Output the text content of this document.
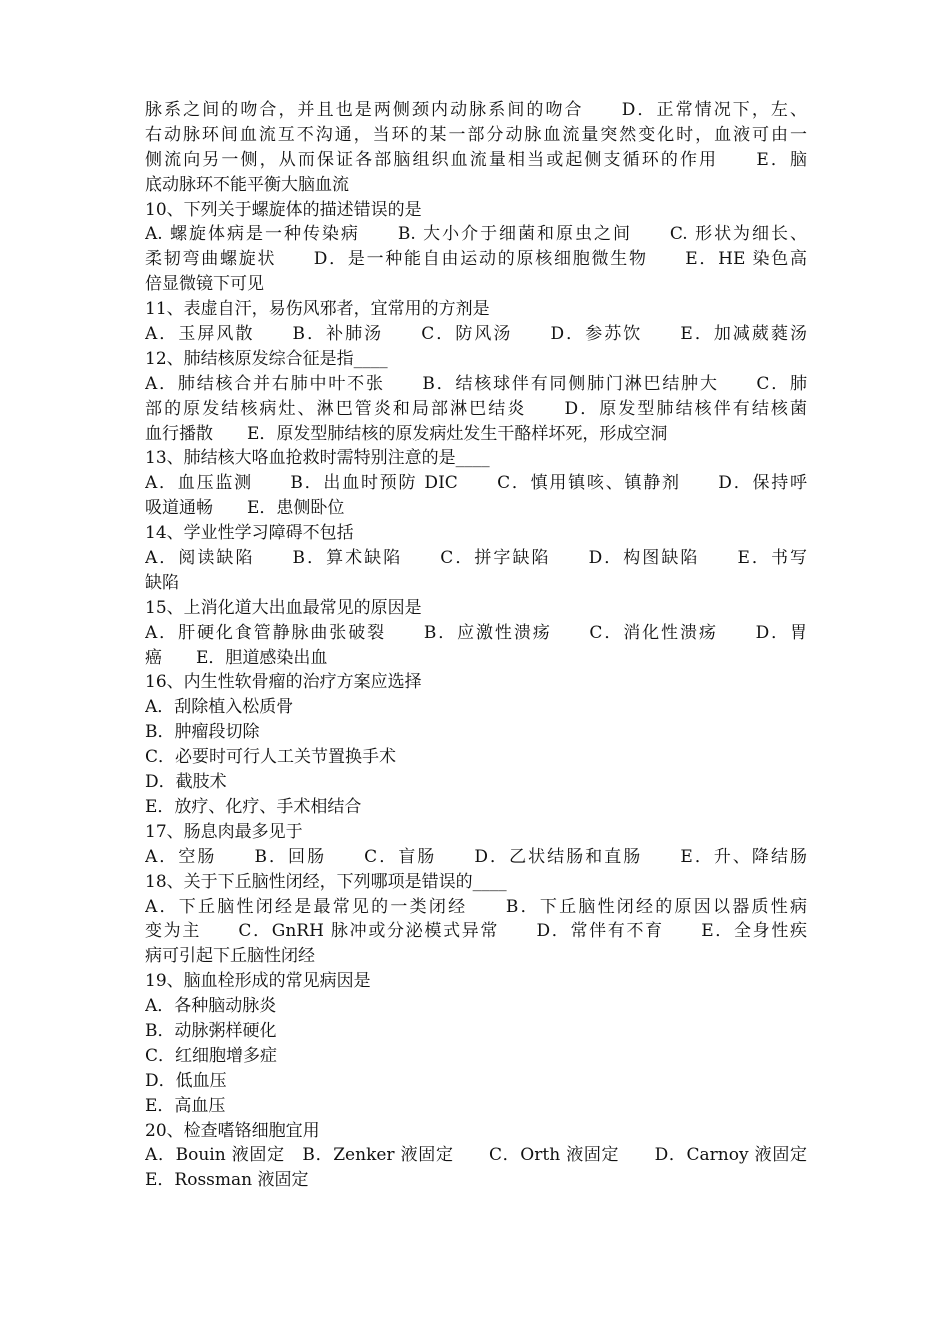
脉系之间的吻合，并且也是两侧颈内动脉系间的吻合　　D．正常情况下，左、
右动脉环间血流互不沟通，当环的某一部分动脉血流量突然变化时，血液可由一
侧流向另一侧，从而保证各部脑组织血流量相当或起侧支循环的作用　　E．脑
底动脉环不能平衡大脑血流
10、下列关于螺旋体的描述错误的是
A. 螺旋体病是一种传染病　　B. 大小介于细菌和原虫之间　　C. 形状为细长、
柔韧弯曲螺旋状　　D．是一种能自由运动的原核细胞微生物　　E．HE 染色高
倍显微镜下可见
11、表虚自汗，易伤风邪者，宜常用的方剂是
A．玉屏风散　　B．补肺汤　　C．防风汤　　D．参苏饮　　E．加减葳蕤汤
12、肺结核原发综合征是指____
A．肺结核合并右肺中叶不张　　B．结核球伴有同侧肺门淋巴结肿大　　C．肺
部的原发结核病灶、淋巴管炎和局部淋巴结炎　　D．原发型肺结核伴有结核菌
血行播散　　E．原发型肺结核的原发病灶发生干酪样坏死，形成空洞
13、肺结核大咯血抢救时需特别注意的是____
A．血压监测　　B．出血时预防 DIC　　C．慎用镇咳、镇静剂　　D．保持呼
吸道通畅　　E．患侧卧位
14、学业性学习障碍不包括
A．阅读缺陷　　B．算术缺陷　　C．拼字缺陷　　D．构图缺陷　　E．书写
缺陷
15、上消化道大出血最常见的原因是
A．肝硬化食管静脉曲张破裂　　B．应激性溃疡　　C．消化性溃疡　　D．胃
癌　　E．胆道感染出血
16、内生性软骨瘤的治疗方案应选择
A．刮除植入松质骨
B．肿瘤段切除
C．必要时可行人工关节置换手术
D．截肢术
E．放疗、化疗、手术相结合
17、肠息肉最多见于
A．空肠　　B．回肠　　C．盲肠　　D．乙状结肠和直肠　　E．升、降结肠
18、关于下丘脑性闭经，下列哪项是错误的____
A．下丘脑性闭经是最常见的一类闭经　　B．下丘脑性闭经的原因以器质性病
变为主　　C．GnRH 脉冲或分泌模式异常　　D．常伴有不育　　E．全身性疾
病可引起下丘脑性闭经
19、脑血栓形成的常见病因是
A．各种脑动脉炎
B．动脉粥样硬化
C．红细胞增多症
D．低血压
E．高血压
20、检查嗜铬细胞宜用
A．Bouin 液固定　B．Zenker 液固定　　C．Orth 液固定　　D．Carnoy 液固定
E．Rossman 液固定
